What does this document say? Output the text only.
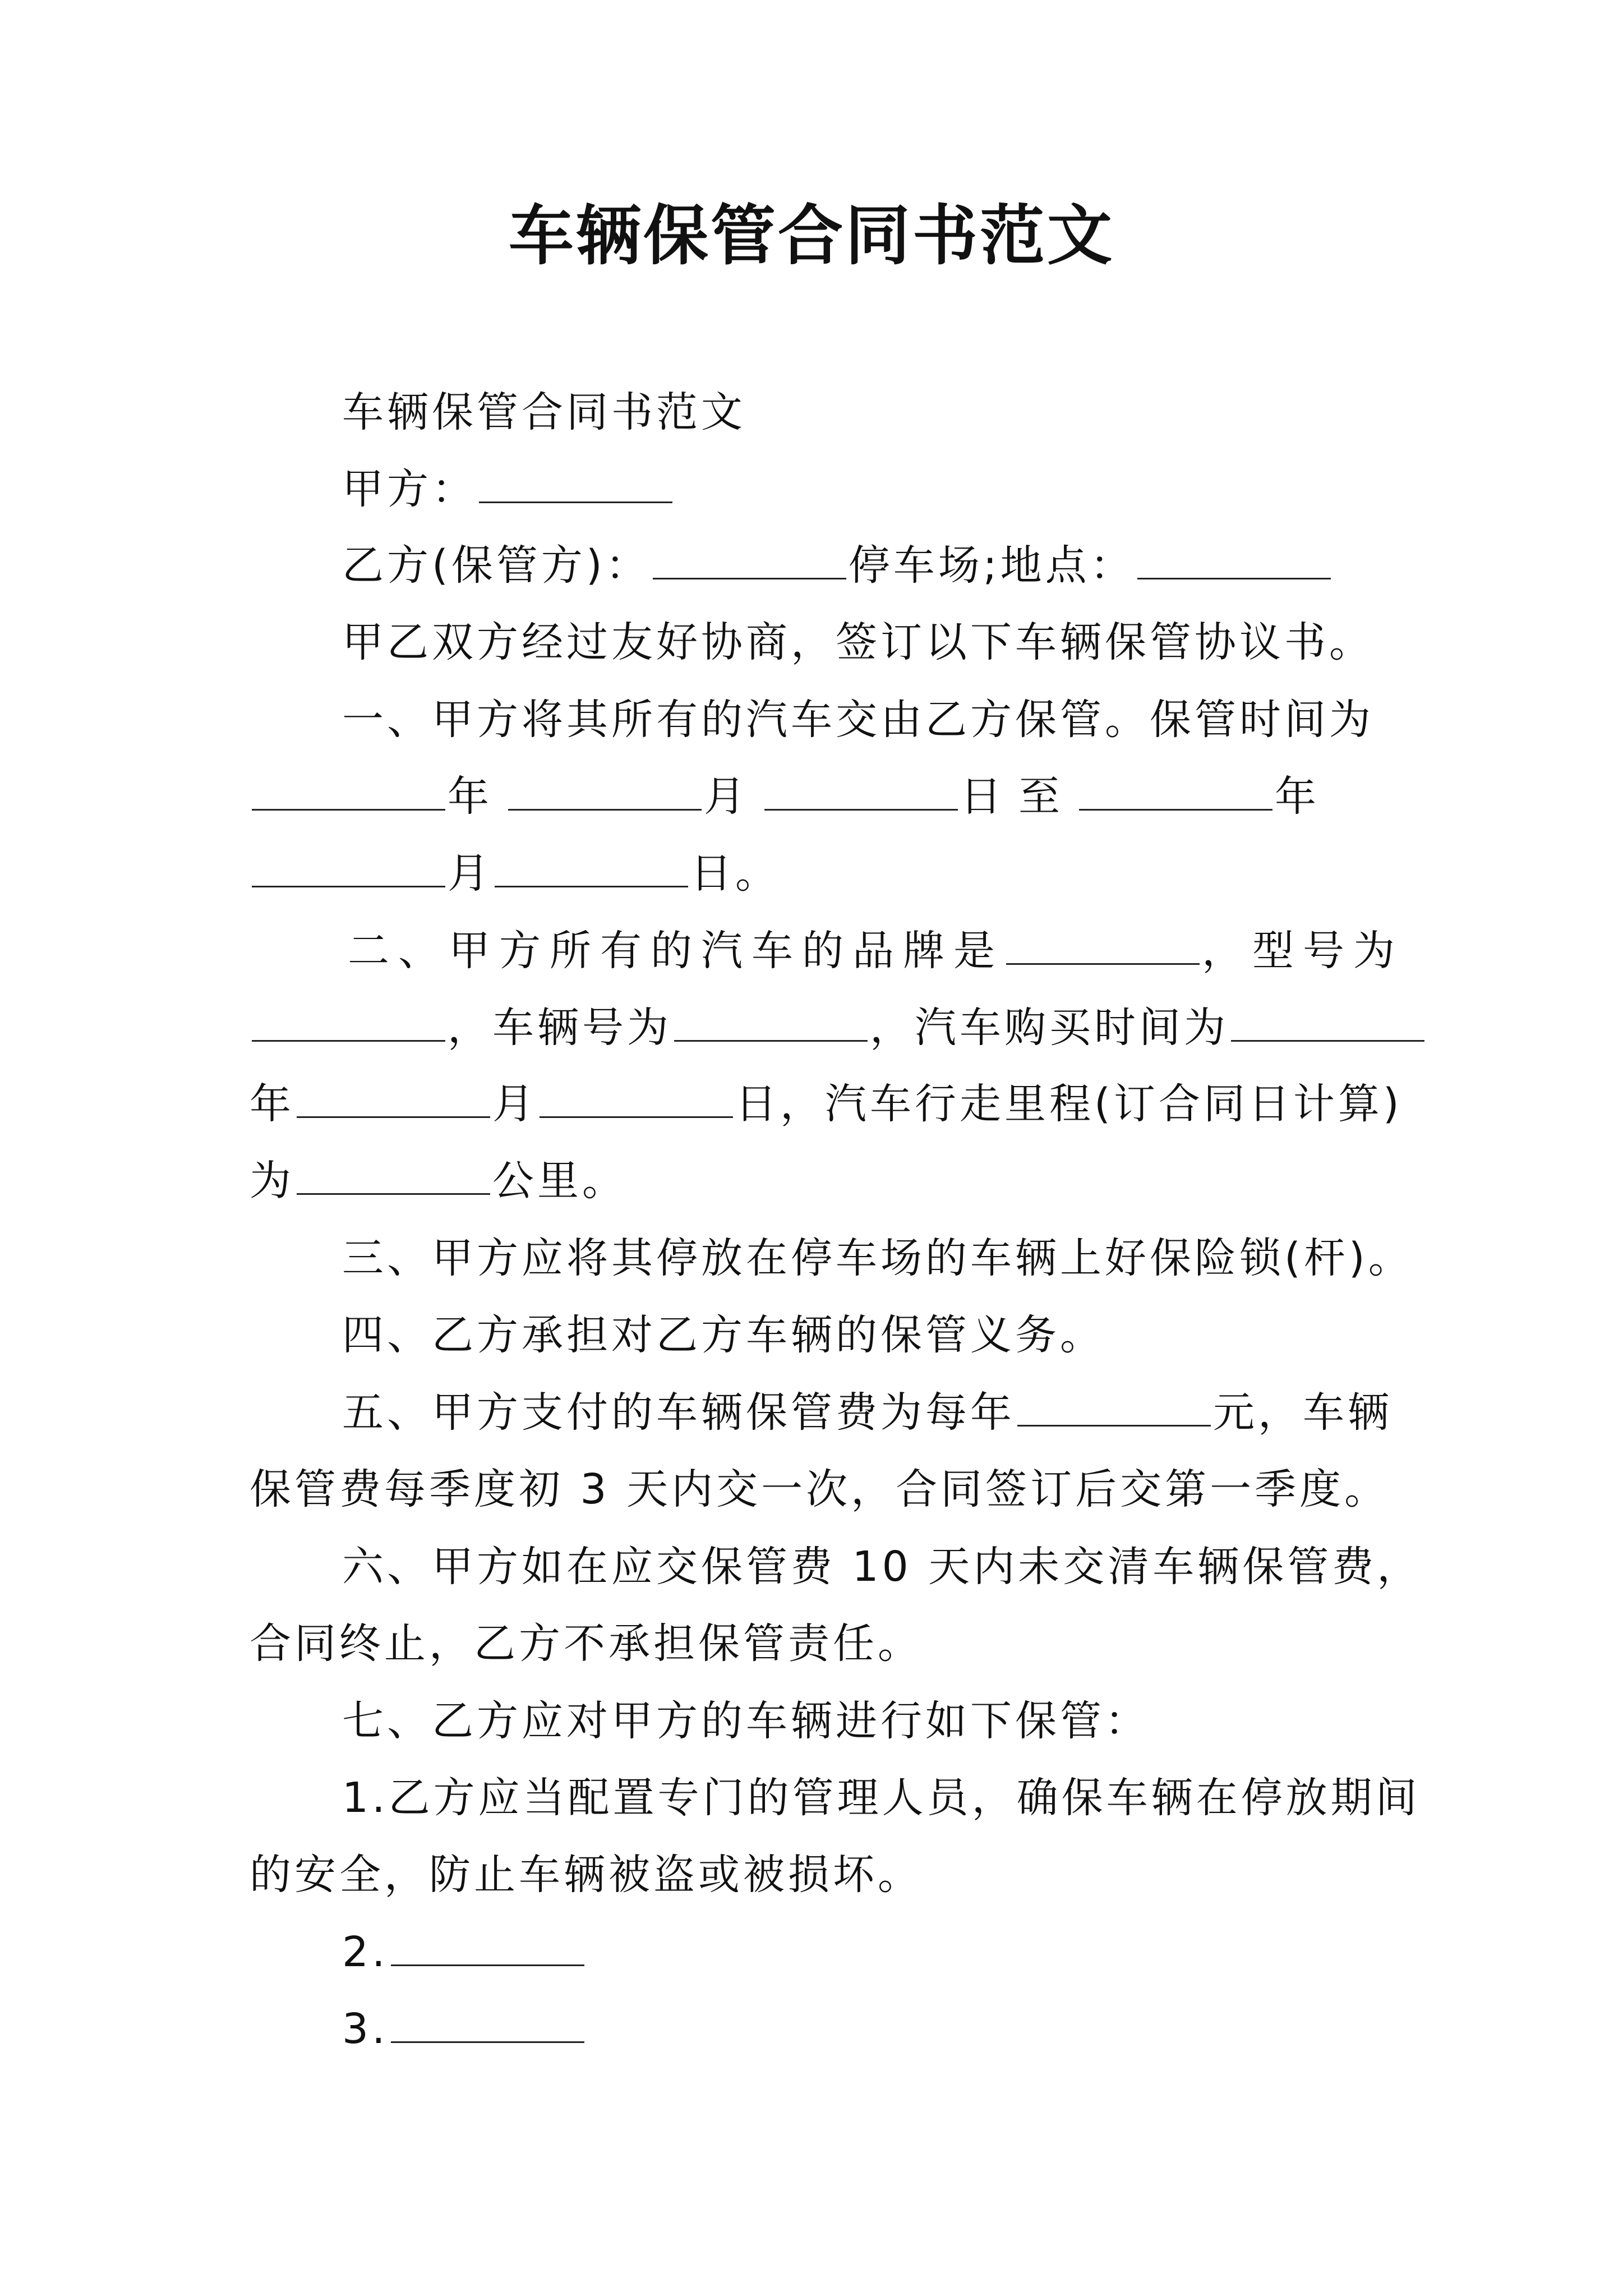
车辆保管合同书范文
车辆保管合同书范文
甲方：
乙方(保管方)：	停车场;地点：
甲乙双方经过友好协商，签订以下车辆保管协议书。
一、甲方将其所有的汽车交由乙方保管。保管时间为
年	月	日至	年
月	日。
二、甲方所有的汽车的品牌是	，型号为
，车辆号为	，汽车购买时间为
年	月	日，汽车行走里程(订合同日计算)
为	公里。
三、甲方应将其停放在停车场的车辆上好保险锁(杆)。
四、乙方承担对乙方车辆的保管义务。
五、甲方支付的车辆保管费为每年	元，车辆
保管费每季度初 3 天内交一次，合同签订后交第一季度。
六、甲方如在应交保管费 10 天内未交清车辆保管费，
合同终止，乙方不承担保管责任。
七、乙方应对甲方的车辆进行如下保管：
1.乙方应当配置专门的管理人员，确保车辆在停放期间
的安全，防止车辆被盗或被损坏。
2.
3.
